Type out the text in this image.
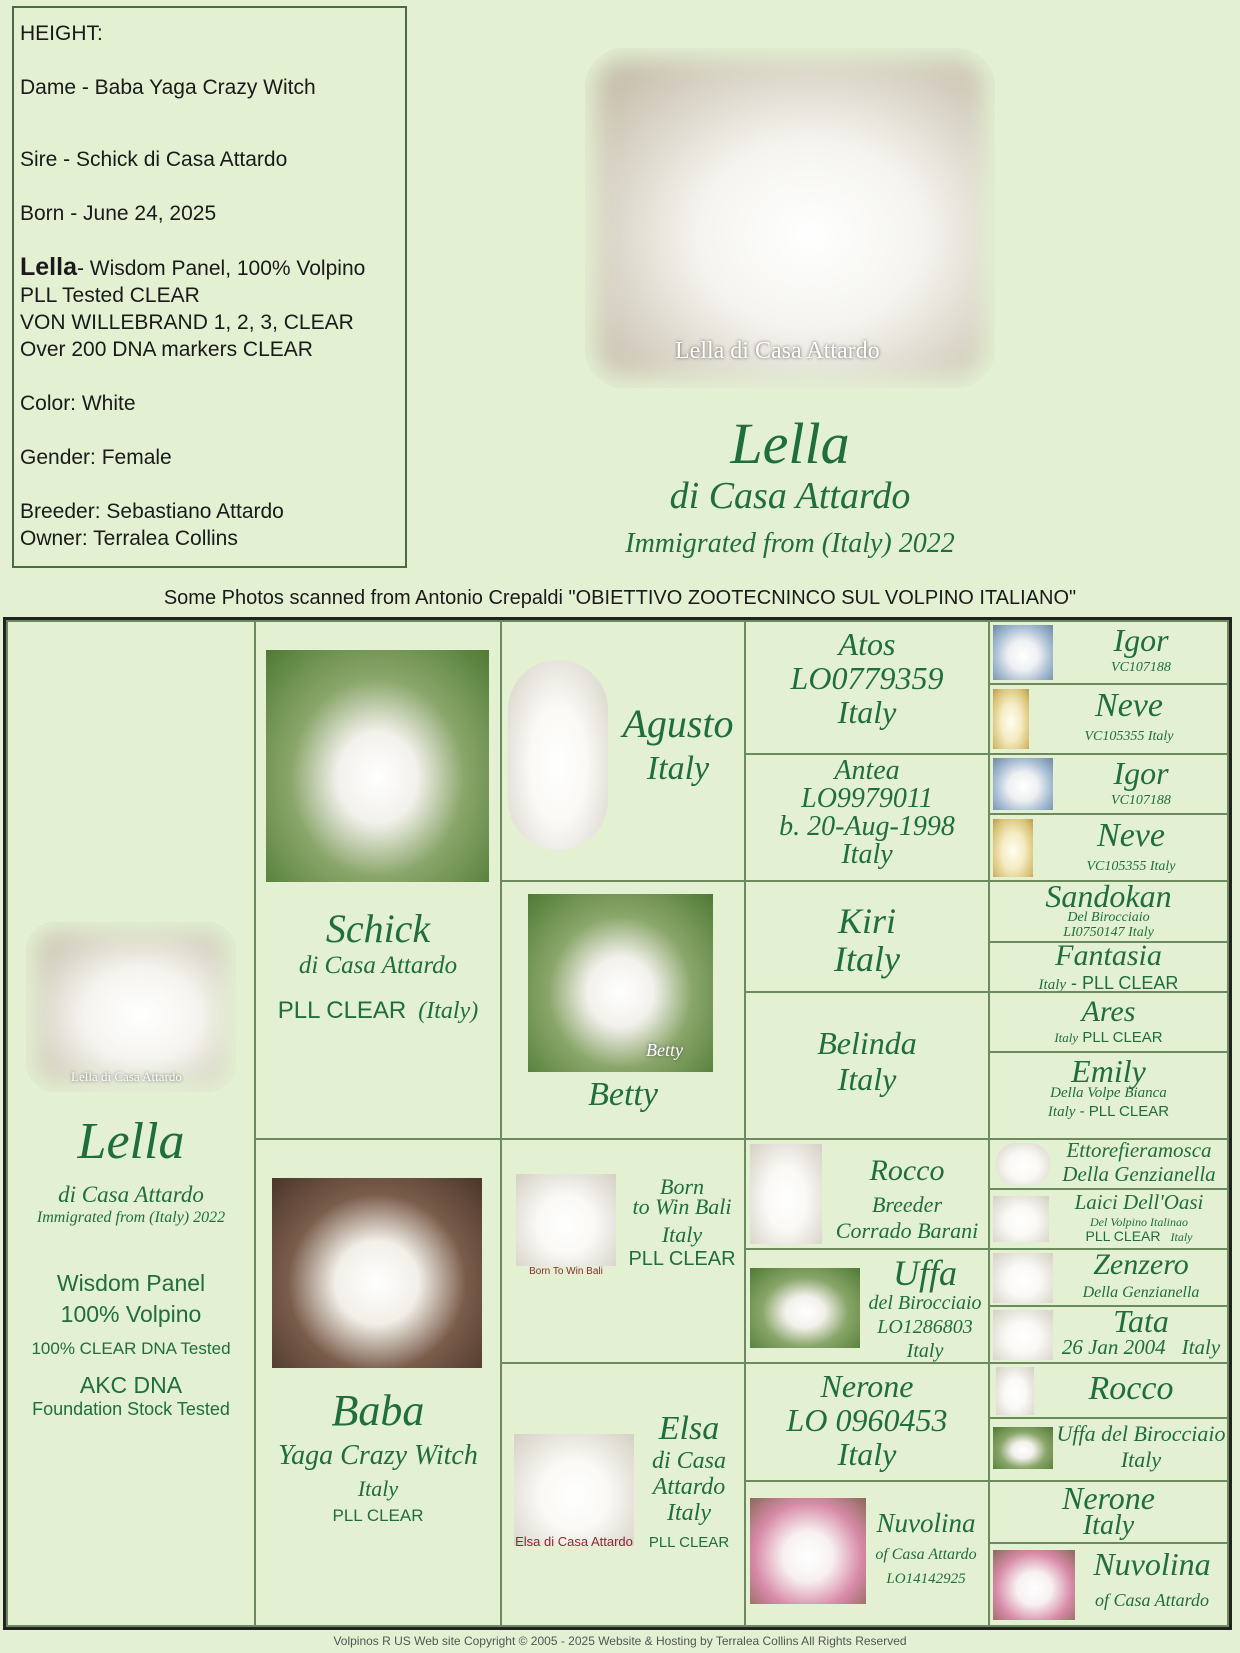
HEIGHT:
Dame - Baba Yaga Crazy Witch
Sire - Schick di Casa Attardo
Born - June 24, 2025
Lella- Wisdom Panel, 100% Volpino
PLL Tested CLEAR
VON WILLEBRAND 1, 2, 3, CLEAR
Over 200 DNA markers CLEAR
Color: White
Gender: Female
Breeder: Sebastiano Attardo
Owner: Terralea Collins
Lella di Casa Attardo
Lella
di Casa Attardo
Immigrated from (Italy) 2022
Some Photos scanned from Antonio Crepaldi "OBIETTIVO ZOOTECNINCO SUL VOLPINO ITALIANO"
Lella di Casa Attardo
Lella
di Casa Attardo
Immigrated from (Italy) 2022
Wisdom Panel
100% Volpino
100% CLEAR DNA Tested
AKC DNA
Foundation Stock Tested
Schick
di Casa Attardo
PLL CLEAR (Italy)
Baba
Yaga Crazy Witch
Italy
PLL CLEAR
Agusto
Italy
Betty
Betty
Born To Win Bali
Born
to Win Bali
Italy
PLL CLEAR
Elsa di Casa Attardo
Elsa
di Casa
Attardo
Italy
PLL CLEAR
Atos
LO0779359
Italy
Antea
LO9979011
b. 20-Aug-1998
Italy
Kiri
Italy
Belinda
Italy
Rocco
Breeder
Corrado Barani
Uffa
del Birocciaio
LO1286803
Italy
Nerone
LO 0960453
Italy
Nuvolina
of Casa Attardo
LO14142925
Igor
VC107188
Neve
VC105355 Italy
Igor
VC107188
Neve
VC105355 Italy
Sandokan
Del Birocciaio
LI0750147 Italy
Fantasia
Italy - PLL CLEAR
Ares
Italy PLL CLEAR
Emily
Della Volpe Bianca
Italy - PLL CLEAR
Ettorefieramosca
Della Genzianella
Laici Dell'Oasi
Del Volpino Italinao
PLL CLEAR Italy
Zenzero
Della Genzianella
Tata
26 Jan 2004 Italy
Rocco
Uffa del Birocciaio
Italy
Nerone
Italy
Nuvolina
of Casa Attardo
Volpinos R US Web site Copyright © 2005 - 2025 Website & Hosting by Terralea Collins All Rights Reserved
